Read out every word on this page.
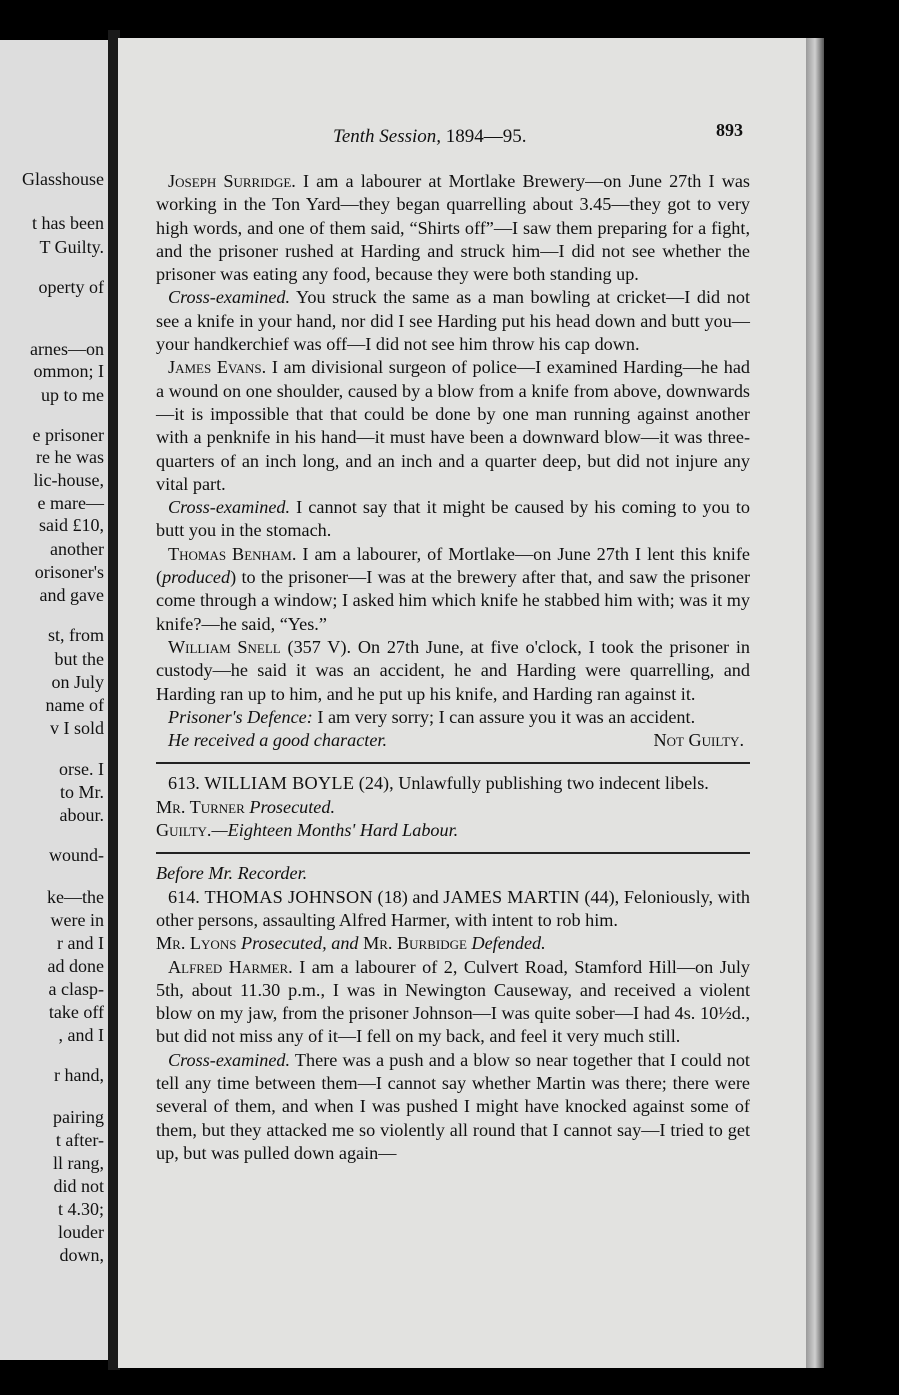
Glasshouse
t has been
T Guilty.
operty of
arnes—on
ommon; I
up to me
e prisoner
re he was
lic-house,
e mare—
said £10,
another
orisoner's
and gave
st, from
but the
on July
name of
v I sold
orse. I
to Mr.
abour.
wound-
ke—the
were in
r and I
ad done
a clasp-
take off
, and I
r hand,
pairing
t after-
ll rang,
did not
t 4.30;
louder
down,
Tenth Session, 1894—95.	893

Joseph Surridge. I am a labourer at Mortlake Brewery—on June 27th I was working in the Ton Yard—they began quarrelling about 3.45—they got to very high words, and one of them said, “Shirts off”—I saw them preparing for a fight, and the prisoner rushed at Harding and struck him—I did not see whether the prisoner was eating any food, because they were both standing up.

Cross-examined. You struck the same as a man bowling at cricket—I did not see a knife in your hand, nor did I see Harding put his head down and butt you—your handkerchief was off—I did not see him throw his cap down.

James Evans. I am divisional surgeon of police—I examined Harding—he had a wound on one shoulder, caused by a blow from a knife from above, downwards—it is impossible that that could be done by one man running against another with a penknife in his hand—it must have been a downward blow—it was three-quarters of an inch long, and an inch and a quarter deep, but did not injure any vital part.

Cross-examined. I cannot say that it might be caused by his coming to you to butt you in the stomach.

Thomas Benham. I am a labourer, of Mortlake—on June 27th I lent this knife (produced) to the prisoner—I was at the brewery after that, and saw the prisoner come through a window; I asked him which knife he stabbed him with; was it my knife?—he said, “Yes.”

William Snell (357 V). On 27th June, at five o'clock, I took the prisoner in custody—he said it was an accident, he and Harding were quarrelling, and Harding ran up to him, and he put up his knife, and Harding ran against it.

Prisoner's Defence: I am very sorry; I can assure you it was an accident.

He received a good character.	Not Guilty.

613. WILLIAM BOYLE (24), Unlawfully publishing two indecent libels.

Mr. Turner Prosecuted.

Guilty.—Eighteen Months' Hard Labour.

Before Mr. Recorder.

614. THOMAS JOHNSON (18) and JAMES MARTIN (44), Feloniously, with other persons, assaulting Alfred Harmer, with intent to rob him.

Mr. Lyons Prosecuted, and Mr. Burbidge Defended.

Alfred Harmer. I am a labourer of 2, Culvert Road, Stamford Hill—on July 5th, about 11.30 p.m., I was in Newington Causeway, and received a violent blow on my jaw, from the prisoner Johnson—I was quite sober—I had 4s. 10½d., but did not miss any of it—I fell on my back, and feel it very much still.

Cross-examined. There was a push and a blow so near together that I could not tell any time between them—I cannot say whether Martin was there; there were several of them, and when I was pushed I might have knocked against some of them, but they attacked me so violently all round that I cannot say—I tried to get up, but was pulled down again—
